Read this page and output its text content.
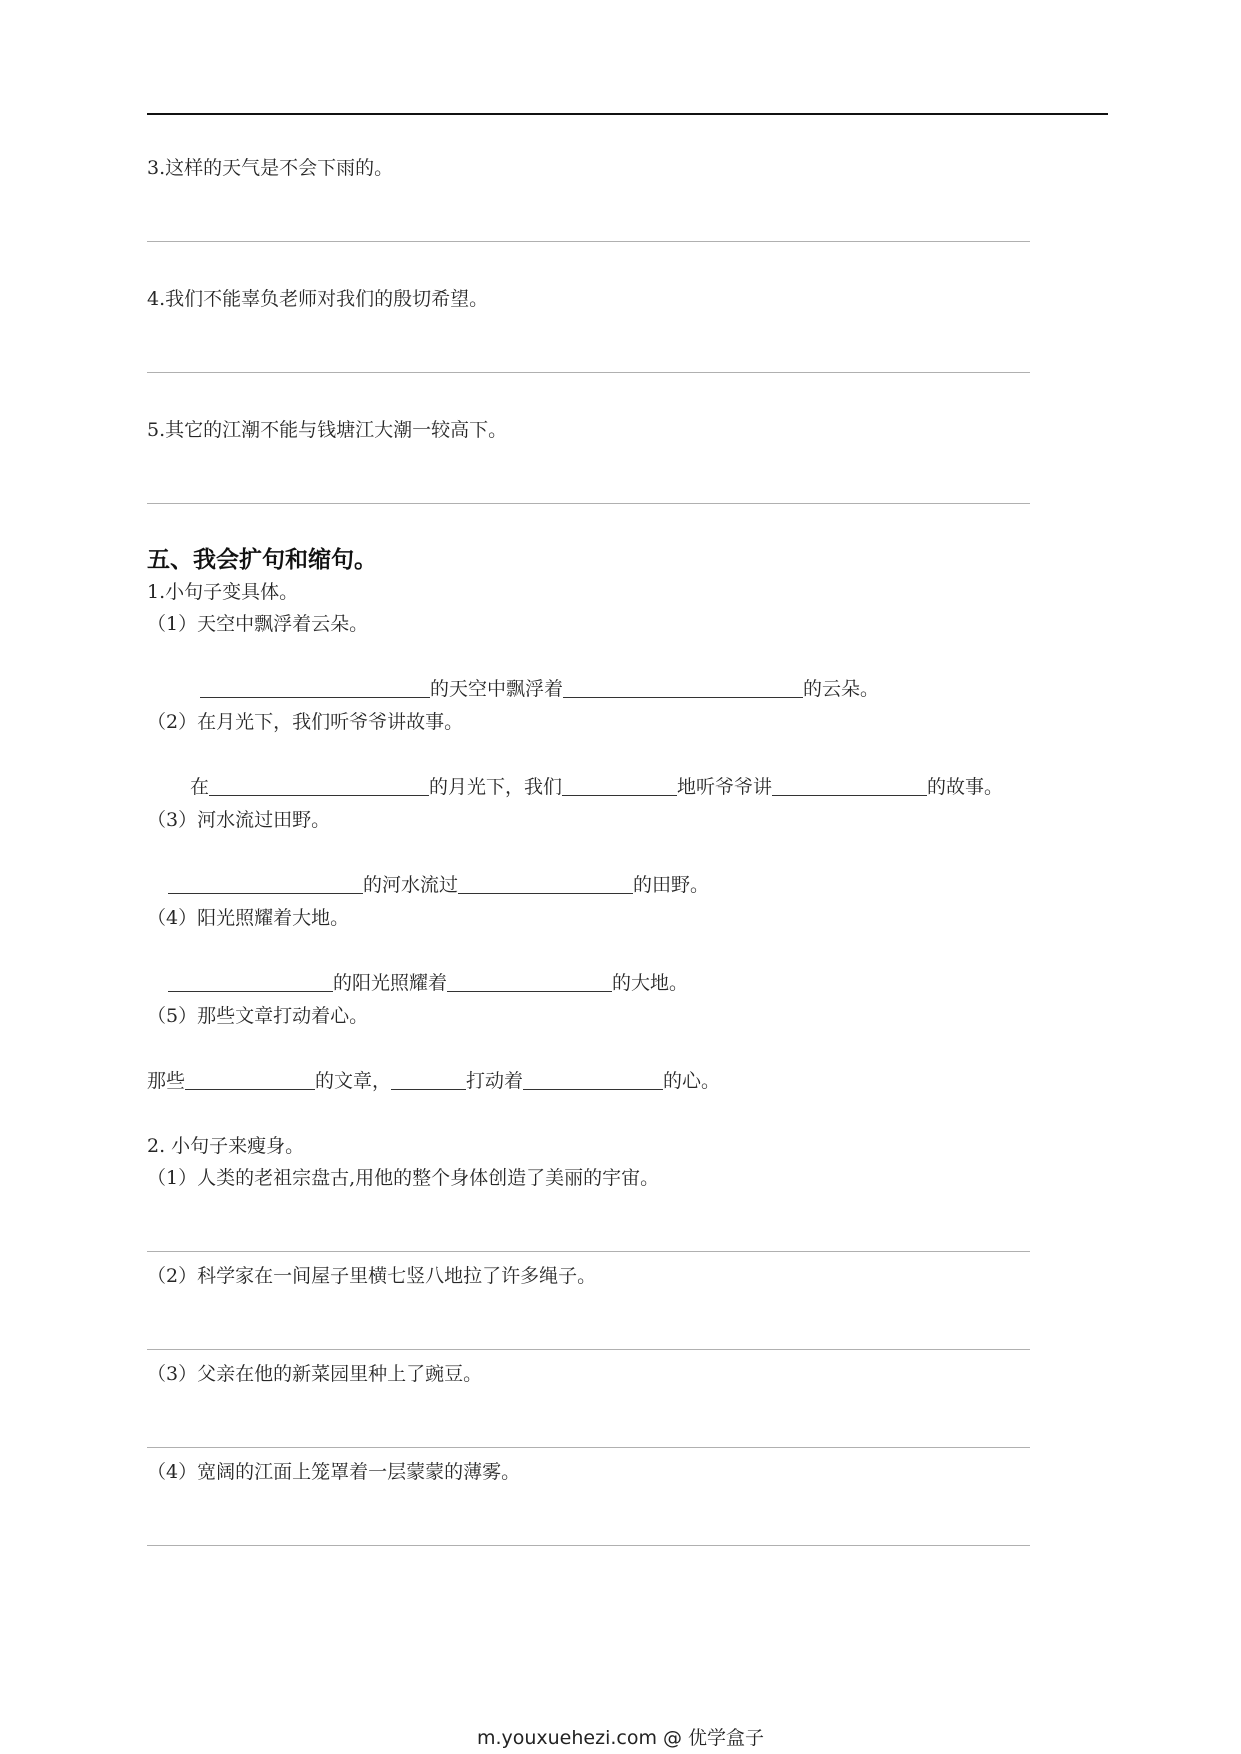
3.这样的天气是不会下雨的。
4.我们不能辜负老师对我们的殷切希望。
5.其它的江潮不能与钱塘江大潮一较高下。
五、我会扩句和缩句。
1.小句子变具体。
（1）天空中飘浮着云朵。
的天空中飘浮着	的云朵。
（2）在月光下，我们听爷爷讲故事。
在	的月光下，我们	地听爷爷讲	的故事。
（3）河水流过田野。
的河水流过	的田野。
（4）阳光照耀着大地。
的阳光照耀着	的大地。
（5）那些文章打动着心。
那些	的文章，	打动着	的心。
2. 小句子来瘦身。
（1）人类的老祖宗盘古,用他的整个身体创造了美丽的宇宙。
（2）科学家在一间屋子里横七竖八地拉了许多绳子。
（3）父亲在他的新菜园里种上了豌豆。
（4）宽阔的江面上笼罩着一层蒙蒙的薄雾。
m.youxuehezi.com @ 优学盒子
